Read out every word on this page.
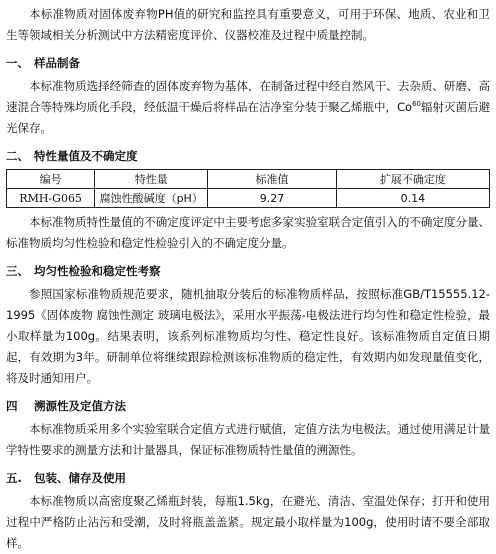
本标准物质对固体废弃物PH值的研究和监控具有重要意义，可用于环保、地质、农业和卫生等领域相关分析测试中方法精密度评价、仪器校准及过程中质量控制。

一、 样品制备

本标准物质选择经筛查的固体废弃物为基体，在制备过程中经自然风干、去杂质、研磨、高速混合等特殊均质化手段，经低温干燥后将样品在洁净室分装于聚乙烯瓶中，Co$^{60}$辐射灭菌后避光保存。

二、 特性量值及不确定度
编号	特性量	标准值	扩展不确定度
RMH-G065	腐蚀性酸碱度（pH）	9.27	0.14

本标准物质特性量值的不确定度评定中主要考虑多家实验室联合定值引入的不确定度分量、标准物质均匀性检验和稳定性检验引入的不确定度分量。

三、 均匀性检验和稳定性考察

参照国家标准物质规范要求，随机抽取分装后的标准物质样品，按照标准GB/T15555.12-1995《固体废物 腐蚀性测定 玻璃电极法》，采用水平振荡-电极法进行均匀性和稳定性检验，最小取样量为100g。结果表明，该系列标准物质均匀性、稳定性良好。该标准物质自定值日期起，有效期为3年。研制单位将继续跟踪检测该标准物质的稳定性，有效期内如发现量值变化，将及时通知用户。

四 溯源性及定值方法

本标准物质采用多个实验室联合定值方式进行赋值，定值方法为电极法。通过使用满足计量学特性要求的测量方法和计量器具，保证标准物质特性量值的溯源性。

五. 包装、储存及使用

本标准物质以高密度聚乙烯瓶封装，每瓶1.5kg，在避光、清洁、室温处保存；打开和使用过程中严格防止沾污和受潮，及时将瓶盖盖紧。规定最小取样量为100g，使用时请不要全部取样。
